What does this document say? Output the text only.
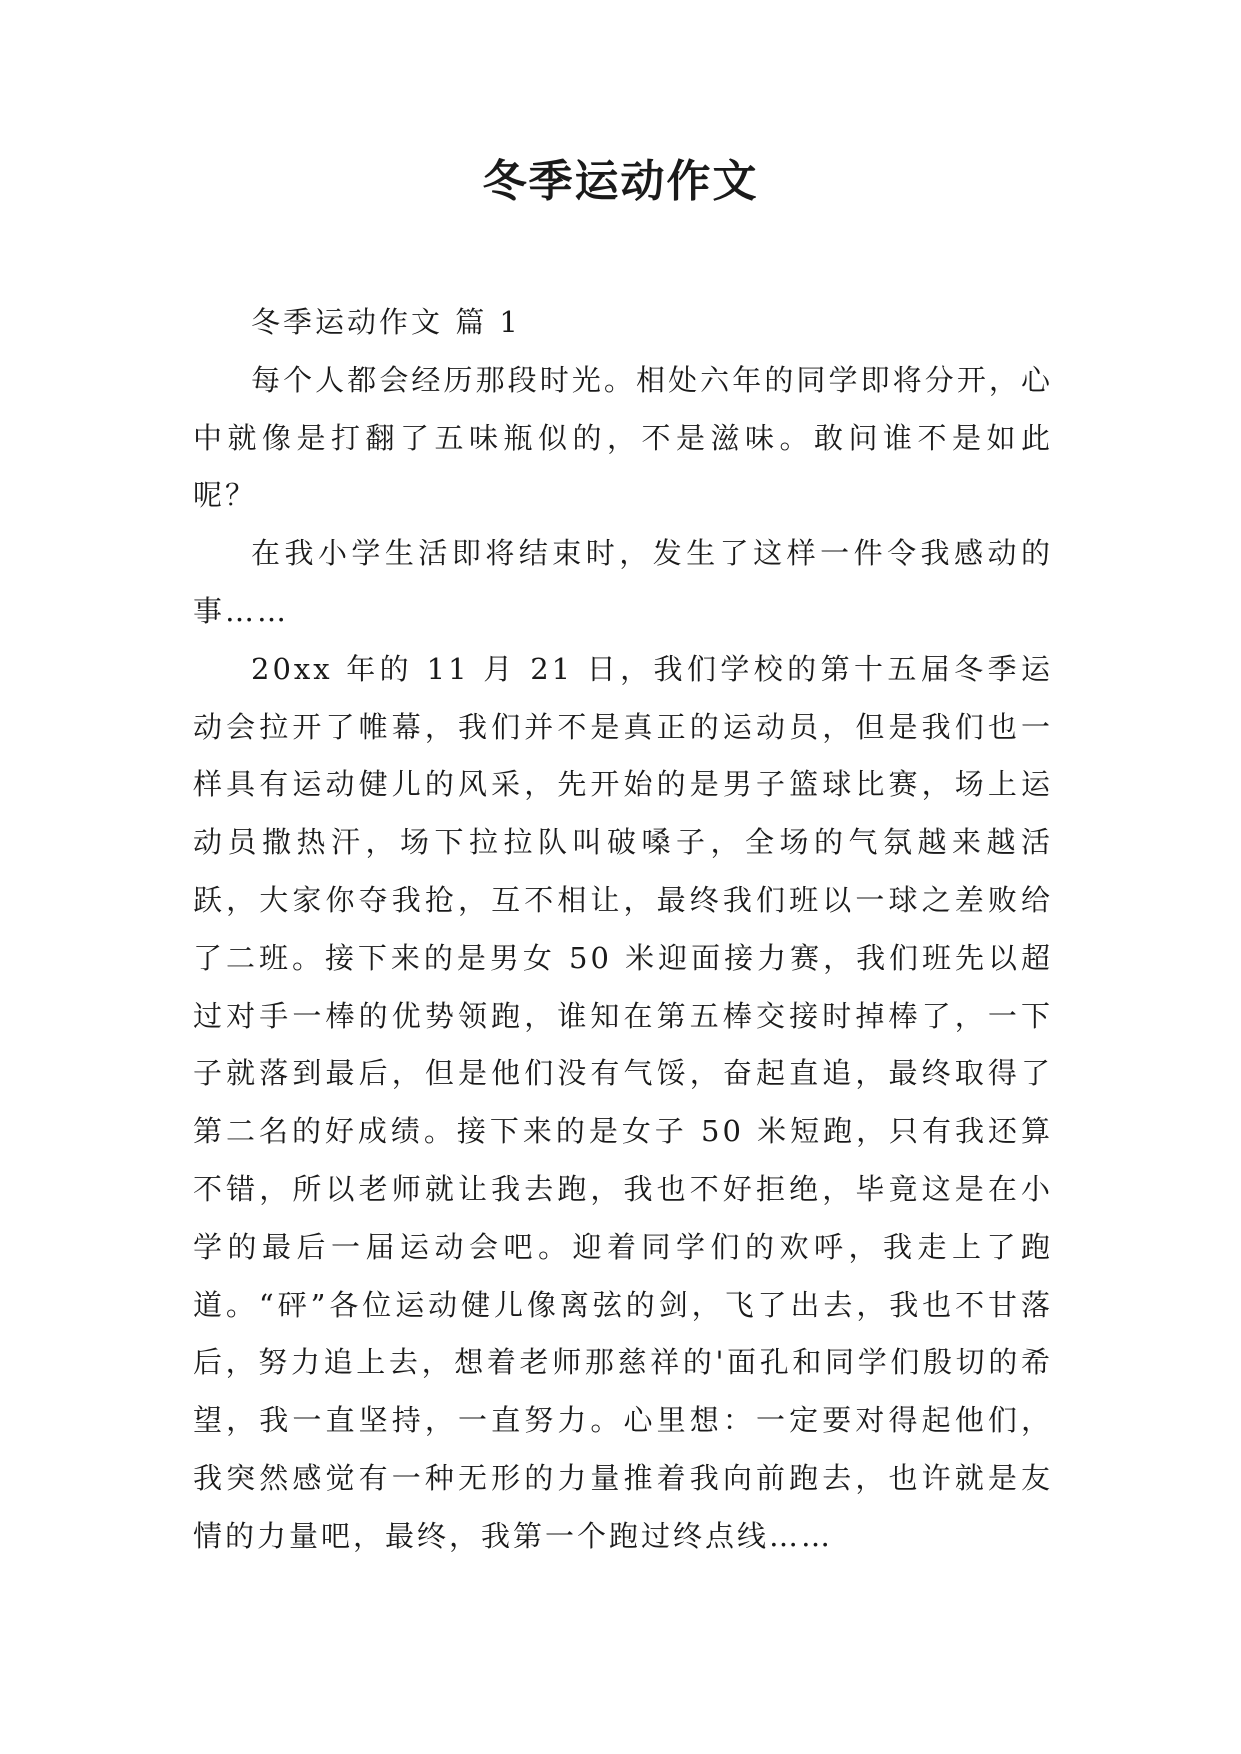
冬季运动作文

冬季运动作文 篇 1

每个人都会经历那段时光。相处六年的同学即将分开，心中就像是打翻了五味瓶似的，不是滋味。敢问谁不是如此呢？

在我小学生活即将结束时，发生了这样一件令我感动的事……

20xx 年的 11 月 21 日，我们学校的第十五届冬季运动会拉开了帷幕，我们并不是真正的运动员，但是我们也一样具有运动健儿的风采，先开始的是男子篮球比赛，场上运动员撒热汗，场下拉拉队叫破嗓子，全场的气氛越来越活跃，大家你夺我抢，互不相让，最终我们班以一球之差败给了二班。接下来的是男女 50 米迎面接力赛，我们班先以超过对手一棒的优势领跑，谁知在第五棒交接时掉棒了，一下子就落到最后，但是他们没有气馁，奋起直追，最终取得了第二名的好成绩。接下来的是女子 50 米短跑，只有我还算不错，所以老师就让我去跑，我也不好拒绝，毕竟这是在小学的最后一届运动会吧。迎着同学们的欢呼，我走上了跑道。“砰”各位运动健儿像离弦的剑，飞了出去，我也不甘落后，努力追上去，想着老师那慈祥的'面孔和同学们殷切的希望，我一直坚持，一直努力。心里想：一定要对得起他们，我突然感觉有一种无形的力量推着我向前跑去，也许就是友情的力量吧，最终，我第一个跑过终点线……
